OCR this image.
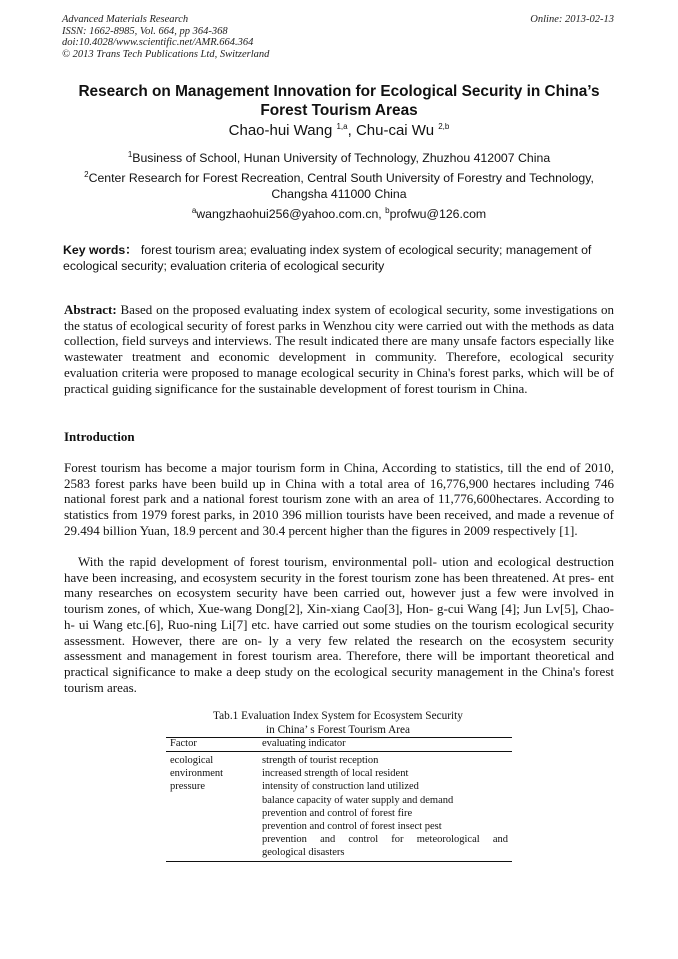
Advanced Materials Research
ISSN: 1662-8985, Vol. 664, pp 364-368
doi:10.4028/www.scientific.net/AMR.664.364
© 2013 Trans Tech Publications Ltd, Switzerland
Online: 2013-02-13
Research on Management Innovation for Ecological Security in China’s
Forest Tourism Areas
Chao-hui Wang $^{1,a}$, Chu-cai Wu $^{2,b}$
$^1$Business of School, Hunan University of Technology, Zhuzhou 412007 China
$^2$Center Research for Forest Recreation, Central South University of Forestry and Technology,
Changsha 411000 China
$^a$wangzhaohui256@yahoo.com.cn, $^b$profwu@126.com
Key words： forest tourism area; evaluating index system of ecological security; management of ecological security; evaluation criteria of ecological security
Abstract: Based on the proposed evaluating index system of ecological security, some investigations on the status of ecological security of forest parks in Wenzhou city were carried out with the methods as data collection, field surveys and interviews. The result indicated there are many unsafe factors especially like wastewater treatment and economic development in community. Therefore, ecological security evaluation criteria were proposed to manage ecological security in China's forest parks, which will be of practical guiding significance for the sustainable development of forest tourism in China.
Introduction
Forest tourism has become a major tourism form in China, According to statistics, till the end of 2010, 2583 forest parks have been build up in China with a total area of 16,776,900 hectares including 746 national forest park and a national forest tourism zone with an area of 11,776,600hectares. According to statistics from 1979 forest parks, in 2010 396 million tourists have been received, and made a revenue of 29.494 billion Yuan, 18.9 percent and 30.4 percent higher than the figures in 2009 respectively [1].
With the rapid development of forest tourism, environmental poll- ution and ecological destruction have been increasing, and ecosystem security in the forest tourism zone has been threatened. At pres- ent many researches on ecosystem security have been carried out, however just a few were involved in tourism zones, of which, Xue-wang Dong[2], Xin-xiang Cao[3], Hon- g-cui Wang [4]; Jun Lv[5], Chao-h- ui Wang etc.[6], Ruo-ning Li[7] etc. have carried out some studies on the tourism ecological security assessment. However, there are on- ly a very few related the research on the ecosystem security assessment and management in forest tourism area. Therefore, there will be important theoretical and practical significance to make a deep study on the ecological security management in the China's forest tourism areas.
Tab.1 Evaluation Index System for Ecosystem Security
in China’ s Forest Tourism Area
Factor	evaluating indicator
ecological
environment
pressure
strength of tourist reception
increased strength of local resident
intensity of construction land utilized
balance capacity of water supply and demand
prevention and control of forest fire
prevention and control of forest insect pest
prevention and control for meteorological and
geological disasters
